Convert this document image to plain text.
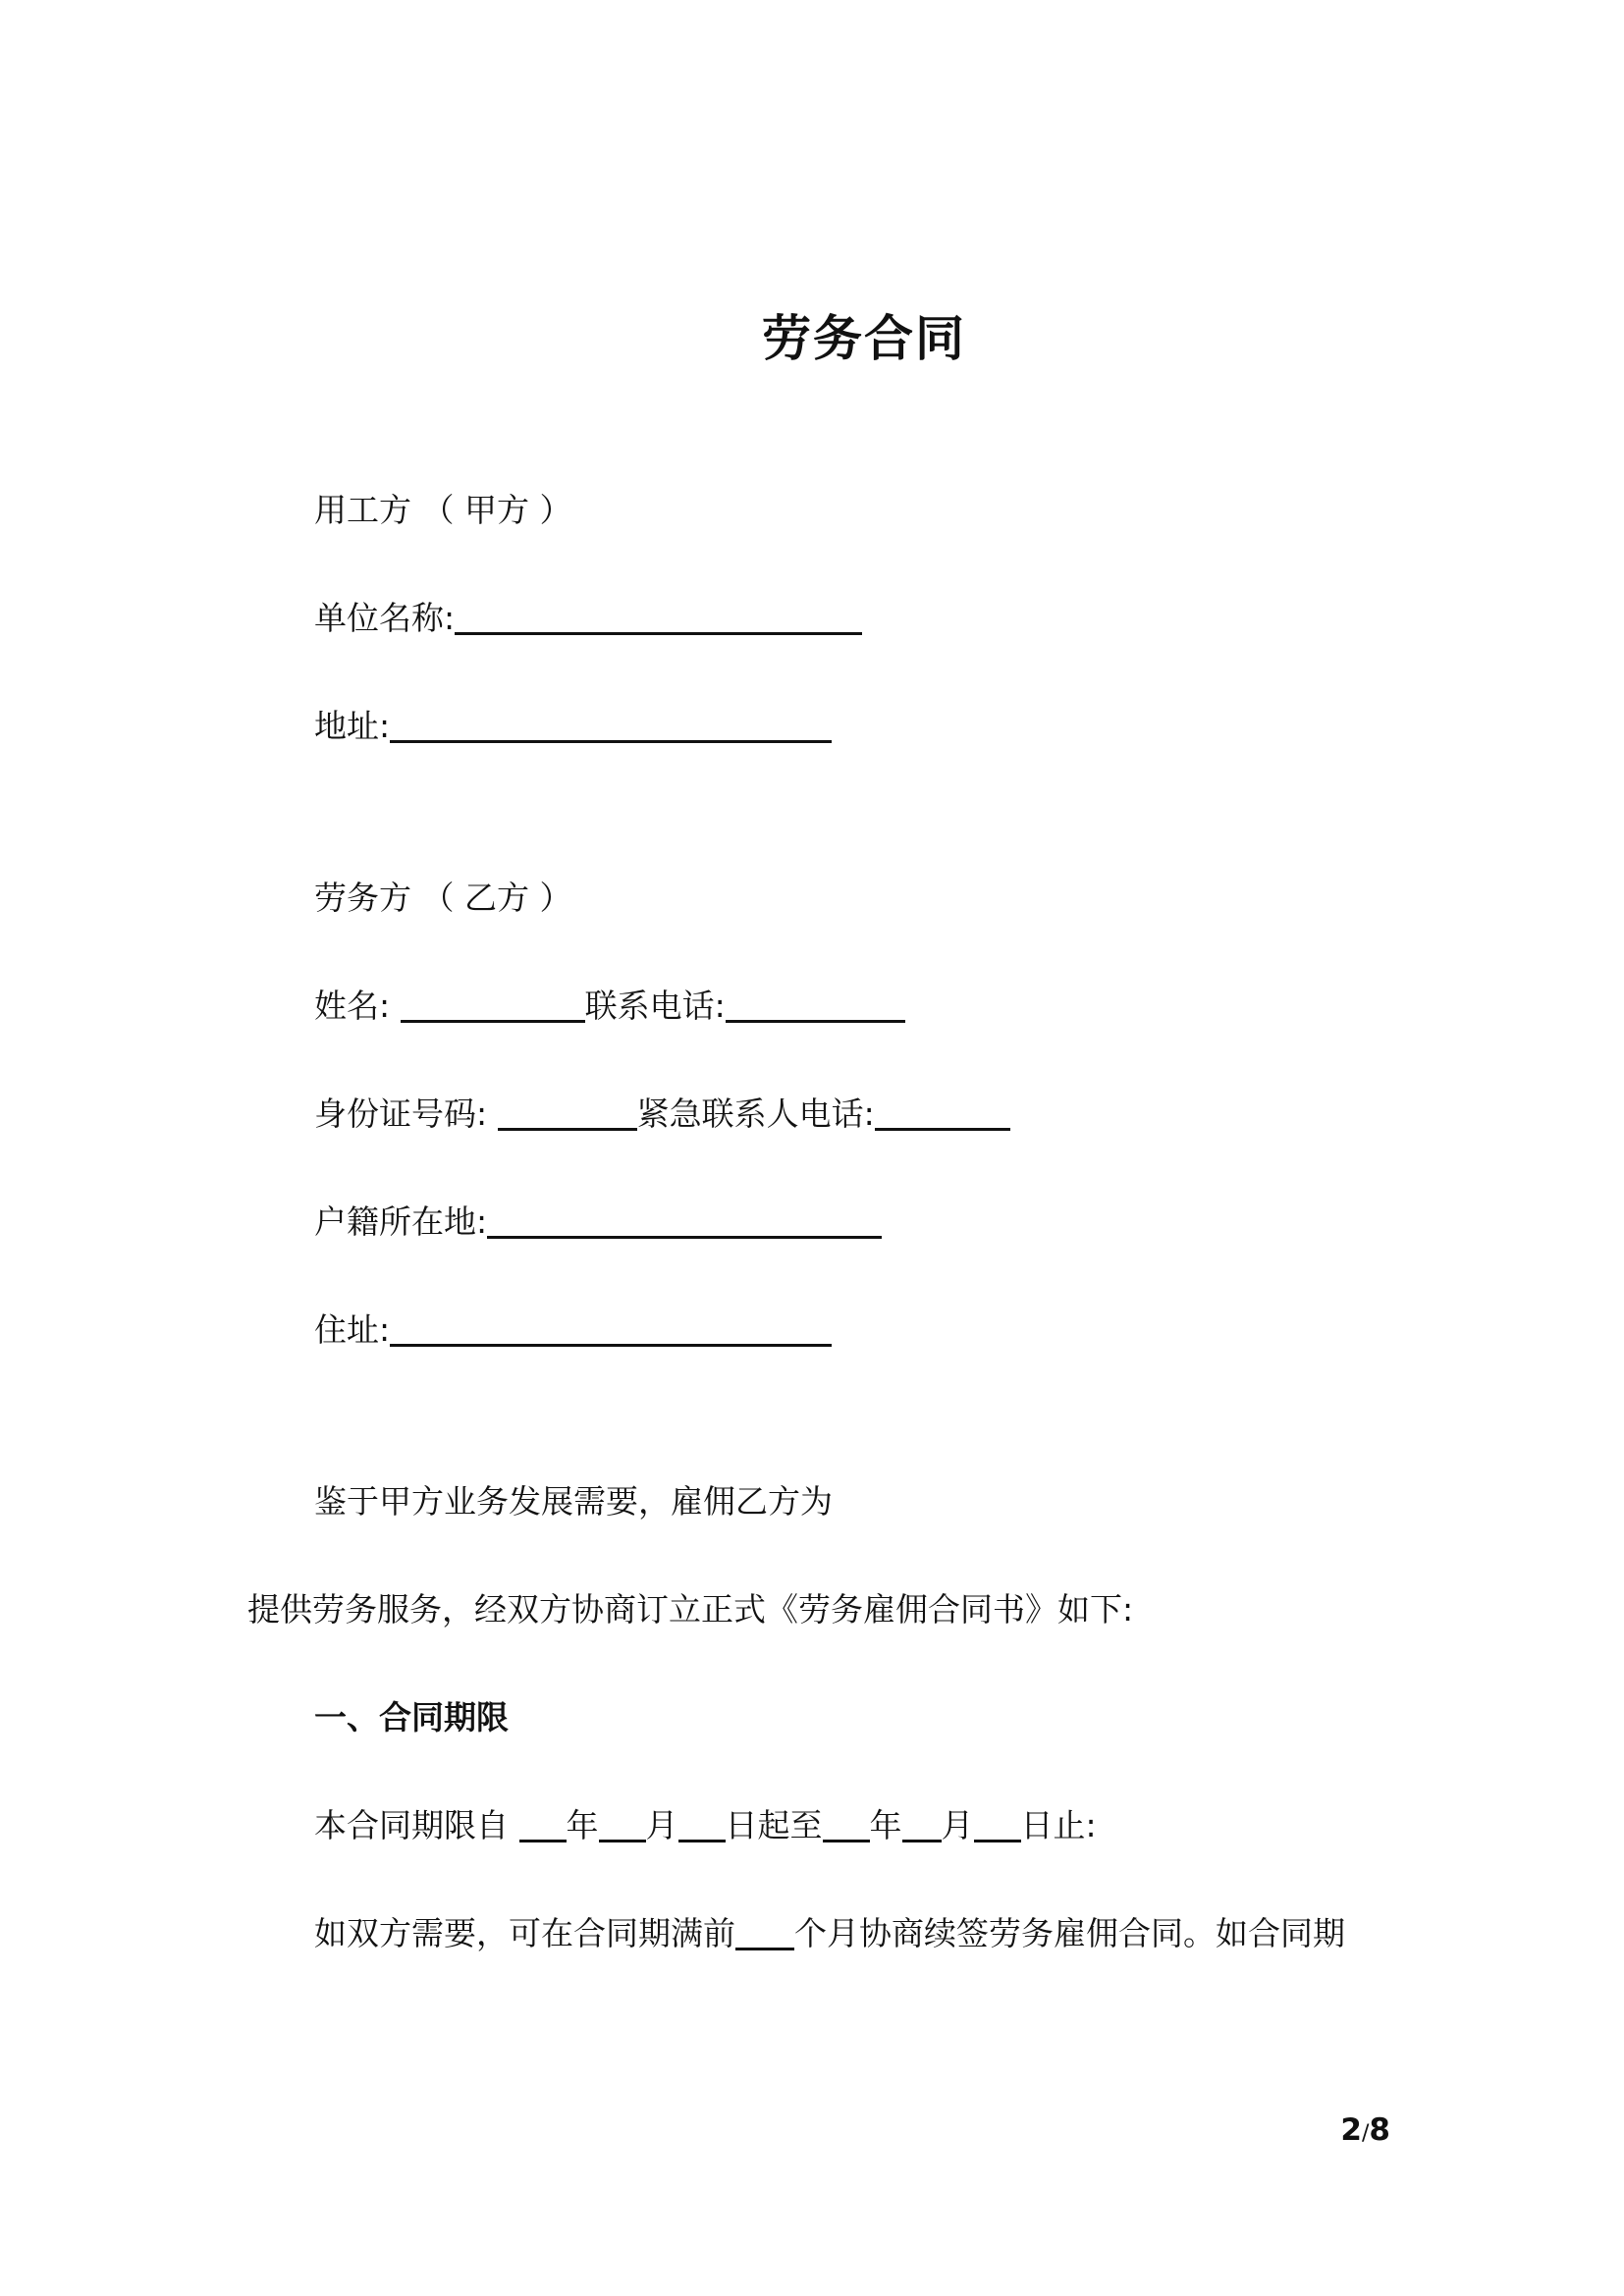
劳务合同
用工方 （ 甲方 ）
单位名称:
地址:
劳务方 （ 乙方 ）
姓名:	联系电话:
身份证号码:	紧急联系人电话:
户籍所在地:
住址:
鉴于甲方业务发展需要，雇佣乙方为
提供劳务服务，经双方协商订立正式《劳务雇佣合同书》如下:
一、合同期限
本合同期限自 年 月 日起至 年 月 日止:
如双方需要，可在合同期满前 个月协商续签劳务雇佣合同。如合同期
2/8
